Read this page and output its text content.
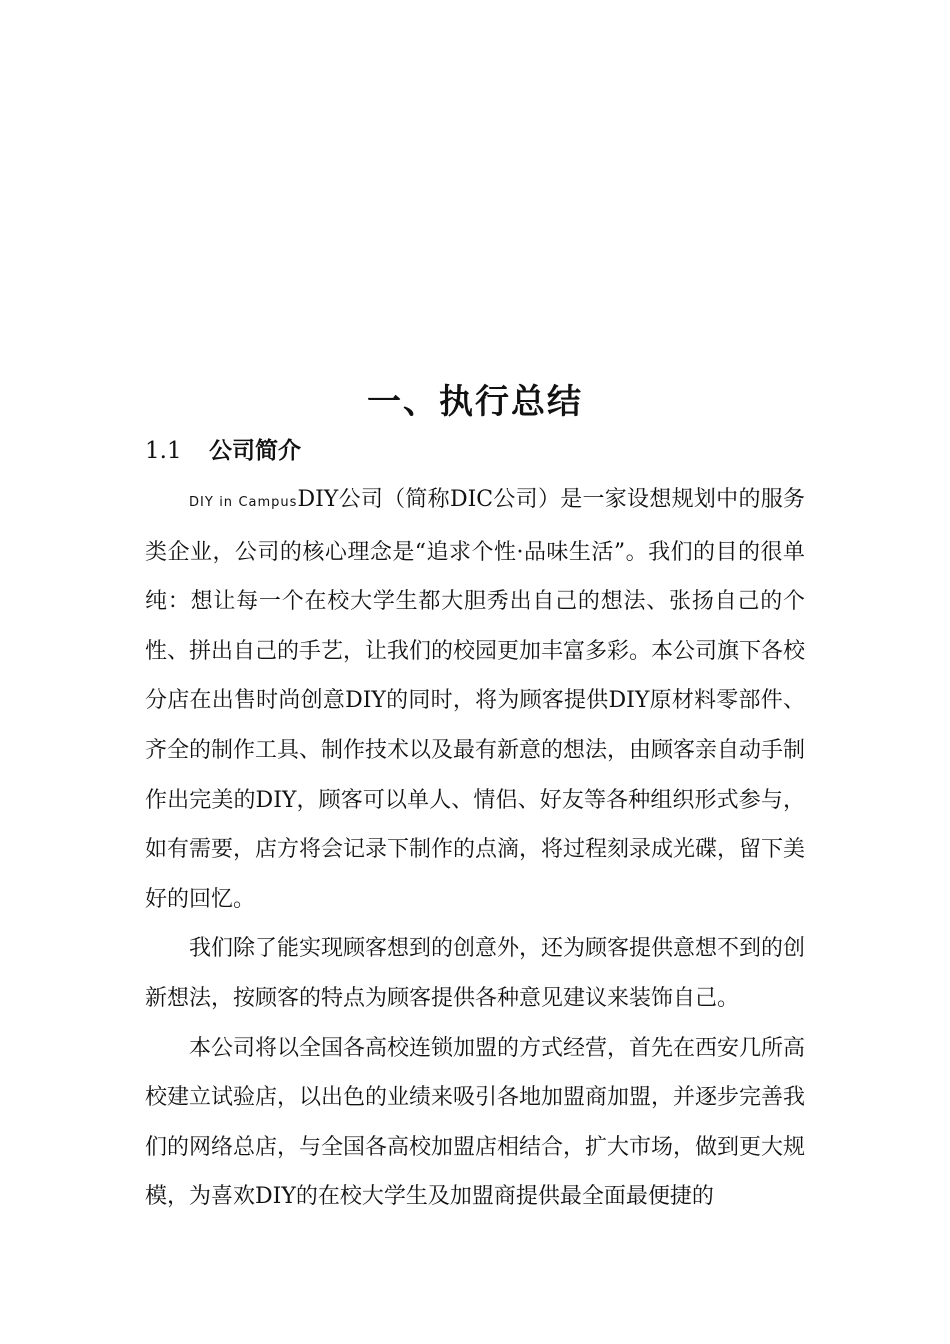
一、执行总结
1.1 公司简介

DIY in CampusDIY公司（简称DIC公司）是一家设想规划中的服务类企业，公司的核心理念是“追求个性·品味生活”。我们的目的很单纯：想让每一个在校大学生都大胆秀出自己的想法、张扬自己的个性、拼出自己的手艺，让我们的校园更加丰富多彩。本公司旗下各校分店在出售时尚创意DIY的同时，将为顾客提供DIY原材料零部件、齐全的制作工具、制作技术以及最有新意的想法，由顾客亲自动手制作出完美的DIY，顾客可以单人、情侣、好友等各种组织形式参与，如有需要，店方将会记录下制作的点滴，将过程刻录成光碟，留下美好的回忆。

我们除了能实现顾客想到的创意外，还为顾客提供意想不到的创新想法，按顾客的特点为顾客提供各种意见建议来装饰自己。

本公司将以全国各高校连锁加盟的方式经营，首先在西安几所高校建立试验店，以出色的业绩来吸引各地加盟商加盟，并逐步完善我们的网络总店，与全国各高校加盟店相结合，扩大市场，做到更大规模，为喜欢DIY的在校大学生及加盟商提供最全面最便捷的
